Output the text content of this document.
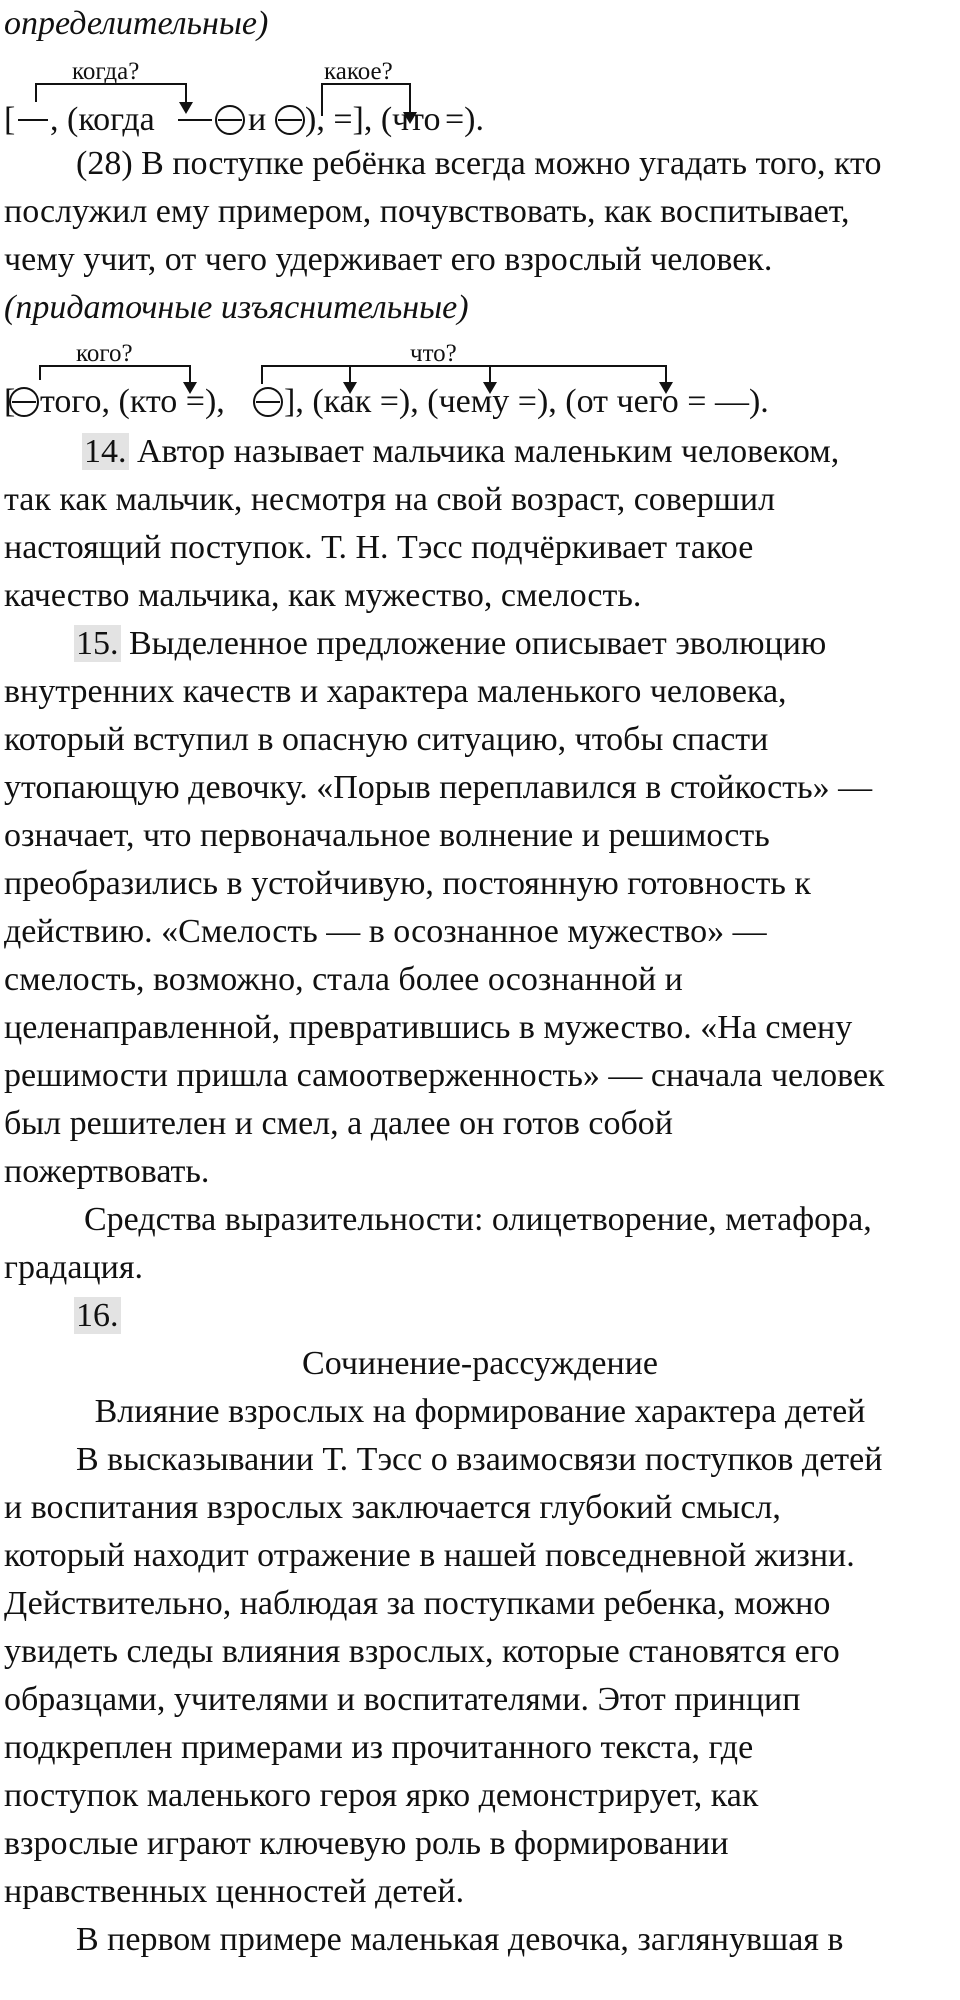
определительные)
когда?	какое?
[ , (когда	и ), =], ( что =).
(28) В поступке ребёнка всегда можно угадать того, кто
послужил ему примером, почувствовать, как воспитывает,
чему учит, от чего удерживает его взрослый человек.
(придаточные изъяснительные)
кого?	что?
[ того, (кто =), ], (как =), (чему =), (от чего = —).
14. Автор называет мальчика маленьким человеком,
так как мальчик, несмотря на свой возраст, совершил
настоящий поступок. Т. Н. Тэсс подчёркивает такое
качество мальчика, как мужество, смелость.
15. Выделенное предложение описывает эволюцию
внутренних качеств и характера маленького человека,
который вступил в опасную ситуацию, чтобы спасти
утопающую девочку. «Порыв переплавился в стойкость» —
означает, что первоначальное волнение и решимость
преобразились в устойчивую, постоянную готовность к
действию. «Смелость — в осознанное мужество» —
смелость, возможно, стала более осознанной и
целенаправленной, превратившись в мужество. «На смену
решимости пришла самоотверженность» — сначала человек
был решителен и смел, а далее он готов собой
пожертвовать.
Средства выразительности: олицетворение, метафора,
градация.
16.
Сочинение-рассуждение
Влияние взрослых на формирование характера детей
В высказывании Т. Тэсс о взаимосвязи поступков детей
и воспитания взрослых заключается глубокий смысл,
который находит отражение в нашей повседневной жизни.
Действительно, наблюдая за поступками ребенка, можно
увидеть следы влияния взрослых, которые становятся его
образцами, учителями и воспитателями. Этот принцип
подкреплен примерами из прочитанного текста, где
поступок маленького героя ярко демонстрирует, как
взрослые играют ключевую роль в формировании
нравственных ценностей детей.
В первом примере маленькая девочка, заглянувшая в
